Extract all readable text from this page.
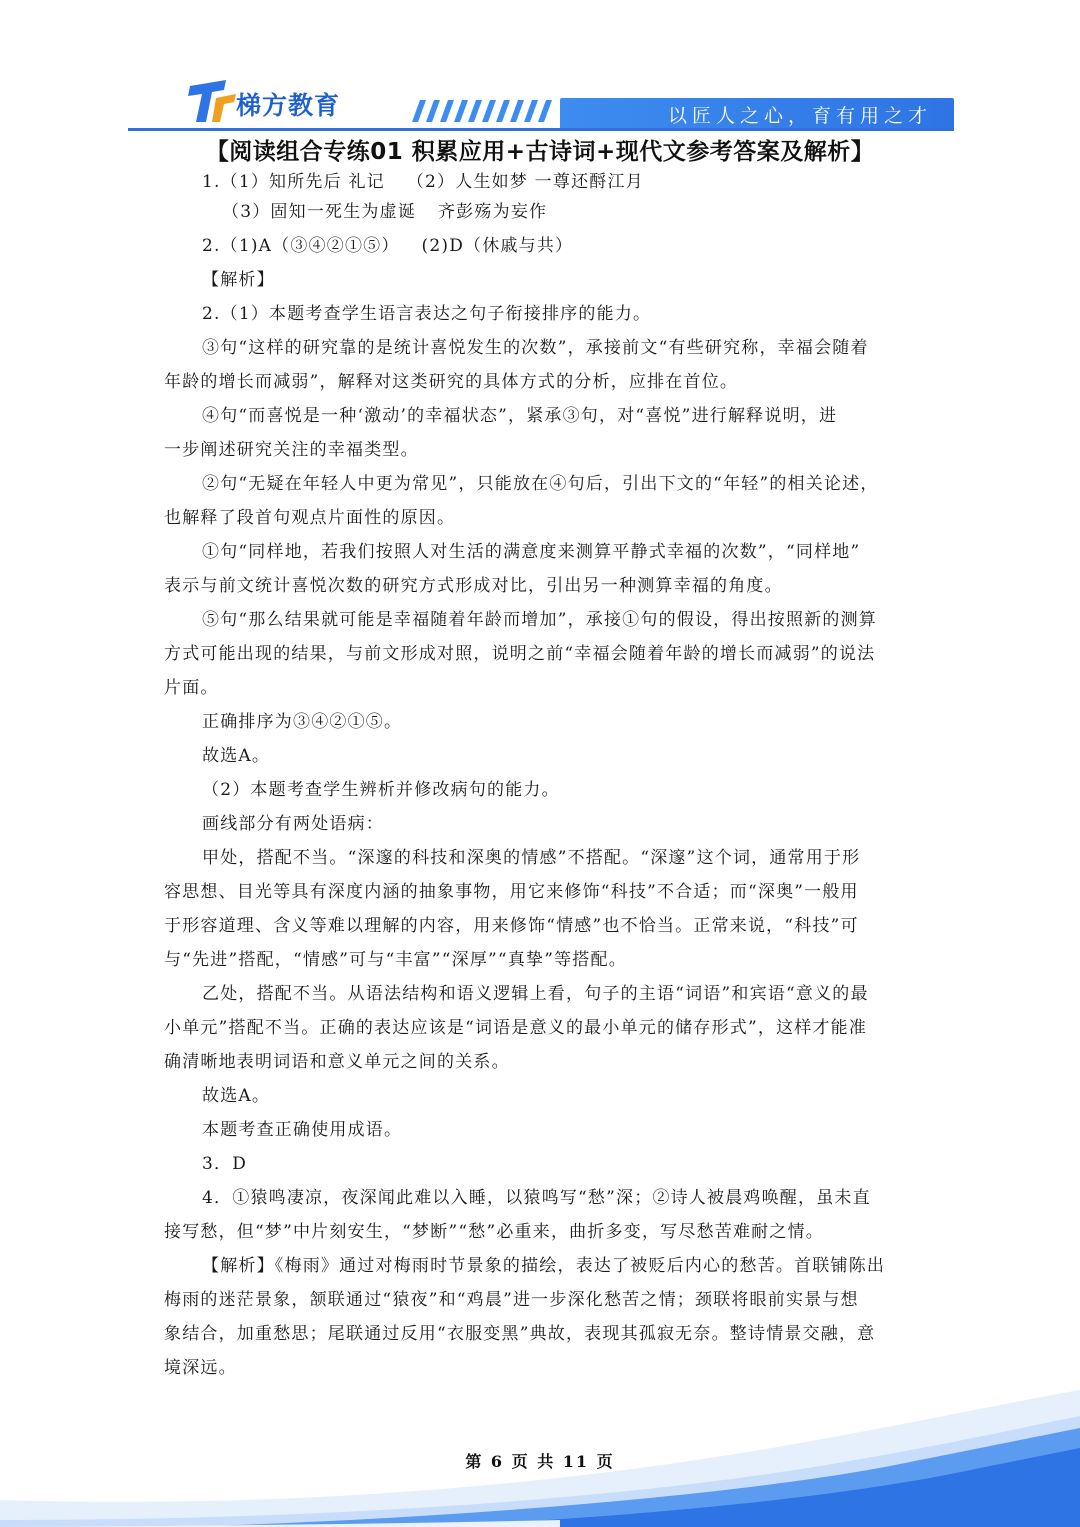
梯方教育	以匠人之心，育有用之才
【阅读组合专练01 积累应用+古诗词+现代文参考答案及解析】
1.（1）知所先后 礼记 （2）人生如梦 一尊还酹江月
（3）固知一死生为虚诞 齐彭殇为妄作
2.（1)A（③④②①⑤） (2)D（休戚与共）
【解析】
2.（1）本题考查学生语言表达之句子衔接排序的能力。
③句“这样的研究靠的是统计喜悦发生的次数”，承接前文“有些研究称，幸福会随着
年龄的增长而减弱”，解释对这类研究的具体方式的分析，应排在首位。
④句“而喜悦是一种‘激动’的幸福状态”，紧承③句，对“喜悦”进行解释说明，进
一步阐述研究关注的幸福类型。
②句“无疑在年轻人中更为常见”，只能放在④句后，引出下文的“年轻”的相关论述，
也解释了段首句观点片面性的原因。
①句“同样地，若我们按照人对生活的满意度来测算平静式幸福的次数”，“同样地”
表示与前文统计喜悦次数的研究方式形成对比，引出另一种测算幸福的角度。
⑤句“那么结果就可能是幸福随着年龄而增加”，承接①句的假设，得出按照新的测算
方式可能出现的结果，与前文形成对照，说明之前“幸福会随着年龄的增长而减弱”的说法
片面。
正确排序为③④②①⑤。
故选A。
（2）本题考查学生辨析并修改病句的能力。
画线部分有两处语病：
甲处，搭配不当。“深邃的科技和深奥的情感”不搭配。“深邃”这个词，通常用于形
容思想、目光等具有深度内涵的抽象事物，用它来修饰“科技”不合适；而“深奥”一般用
于形容道理、含义等难以理解的内容，用来修饰“情感”也不恰当。正常来说，“科技”可
与“先进”搭配，“情感”可与“丰富”“深厚”“真挚”等搭配。
乙处，搭配不当。从语法结构和语义逻辑上看，句子的主语“词语”和宾语“意义的最
小单元”搭配不当。正确的表达应该是“词语是意义的最小单元的储存形式”，这样才能准
确清晰地表明词语和意义单元之间的关系。
故选A。
本题考查正确使用成语。
3．D
4．①猿鸣凄凉，夜深闻此难以入睡，以猿鸣写“愁”深；②诗人被晨鸡唤醒，虽未直
接写愁，但“梦”中片刻安生，“梦断”“愁”必重来，曲折多变，写尽愁苦难耐之情。
【解析】《梅雨》通过对梅雨时节景象的描绘，表达了被贬后内心的愁苦。首联铺陈出
梅雨的迷茫景象，颔联通过“猿夜”和“鸡晨”进一步深化愁苦之情；颈联将眼前实景与想
象结合，加重愁思；尾联通过反用“衣服变黑”典故，表现其孤寂无奈。整诗情景交融，意
境深远。
第 6 页 共 11 页
